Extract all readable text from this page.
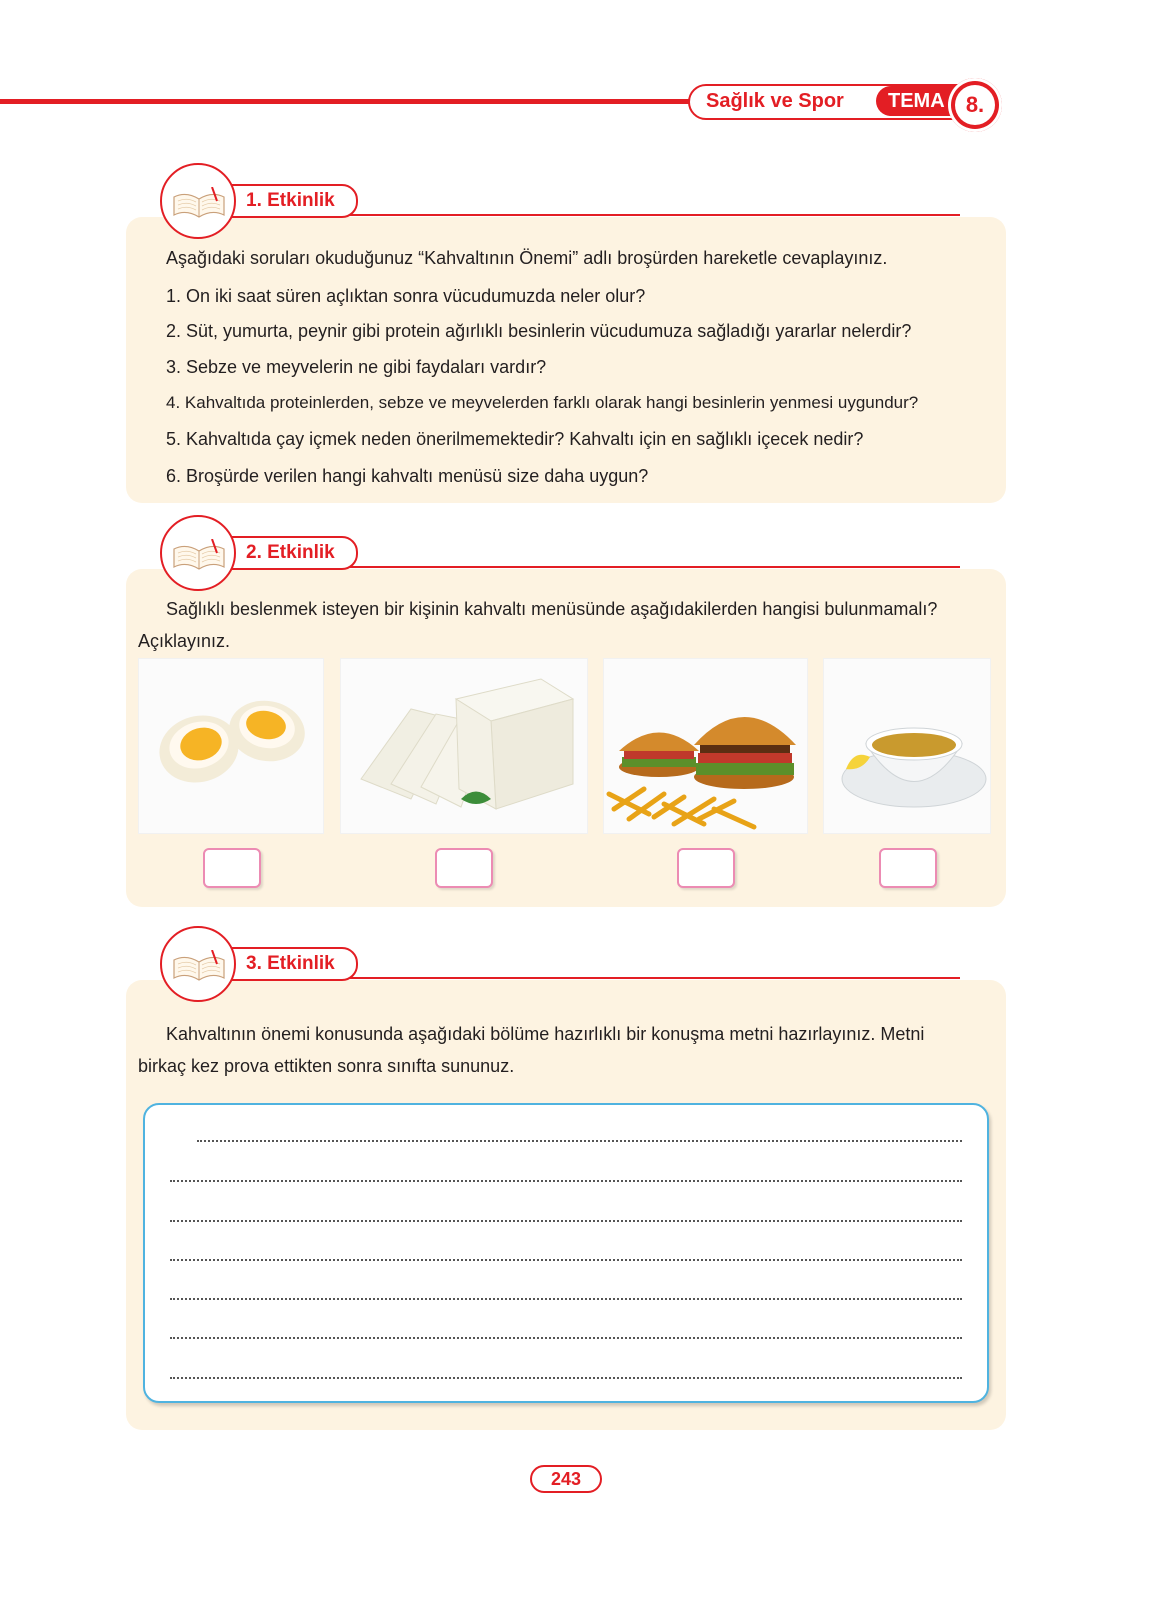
Sağlık ve Spor	TEMA 8.
1. Etkinlik
Aşağıdaki soruları okuduğunuz “Kahvaltının Önemi” adlı broşürden hareketle cevaplayınız.
1. On iki saat süren açlıktan sonra vücudumuzda neler olur?
2. Süt, yumurta, peynir gibi protein ağırlıklı besinlerin vücudumuza sağladığı yararlar nelerdir?
3. Sebze ve meyvelerin ne gibi faydaları vardır?
4. Kahvaltıda proteinlerden, sebze ve meyvelerden farklı olarak hangi besinlerin yenmesi uygundur?
5. Kahvaltıda çay içmek neden önerilmemektedir? Kahvaltı için en sağlıklı içecek nedir?
6. Broşürde verilen hangi kahvaltı menüsü size daha uygun?
2. Etkinlik
Sağlıklı beslenmek isteyen bir kişinin kahvaltı menüsünde aşağıdakilerden hangisi bulunmamalı?
Açıklayınız.
3. Etkinlik
Kahvaltının önemi konusunda aşağıdaki bölüme hazırlıklı bir konuşma metni hazırlayınız. Metni
birkaç kez prova ettikten sonra sınıfta sununuz.
243
